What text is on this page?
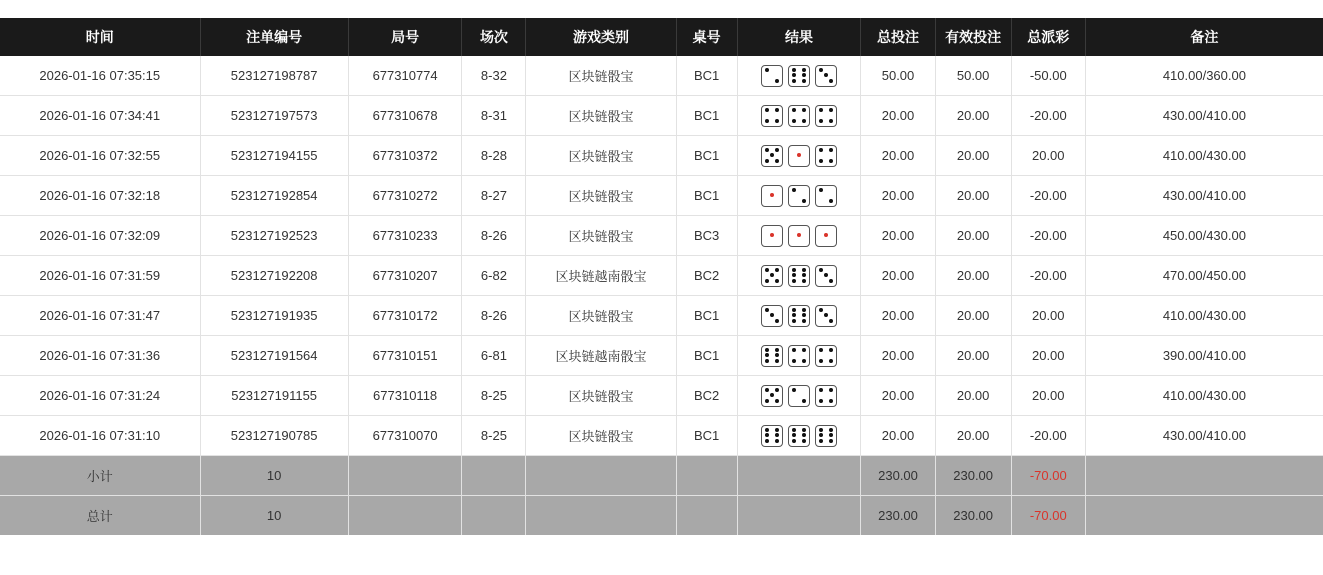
时间	注单编号	局号	场次	游戏类别	桌号	结果	总投注	有效投注	总派彩	备注
2026-01-16 07:35:15	523127198787	677310774	8-32	区块链骰宝	BC1		50.00	50.00	-50.00	410.00/360.00
2026-01-16 07:34:41	523127197573	677310678	8-31	区块链骰宝	BC1		20.00	20.00	-20.00	430.00/410.00
2026-01-16 07:32:55	523127194155	677310372	8-28	区块链骰宝	BC1		20.00	20.00	20.00	410.00/430.00
2026-01-16 07:32:18	523127192854	677310272	8-27	区块链骰宝	BC1		20.00	20.00	-20.00	430.00/410.00
2026-01-16 07:32:09	523127192523	677310233	8-26	区块链骰宝	BC3		20.00	20.00	-20.00	450.00/430.00
2026-01-16 07:31:59	523127192208	677310207	6-82	区块链越南骰宝	BC2		20.00	20.00	-20.00	470.00/450.00
2026-01-16 07:31:47	523127191935	677310172	8-26	区块链骰宝	BC1		20.00	20.00	20.00	410.00/430.00
2026-01-16 07:31:36	523127191564	677310151	6-81	区块链越南骰宝	BC1		20.00	20.00	20.00	390.00/410.00
2026-01-16 07:31:24	523127191155	677310118	8-25	区块链骰宝	BC2		20.00	20.00	20.00	410.00/430.00
2026-01-16 07:31:10	523127190785	677310070	8-25	区块链骰宝	BC1		20.00	20.00	-20.00	430.00/410.00
小计	10						230.00	230.00	-70.00	
总计	10						230.00	230.00	-70.00	
